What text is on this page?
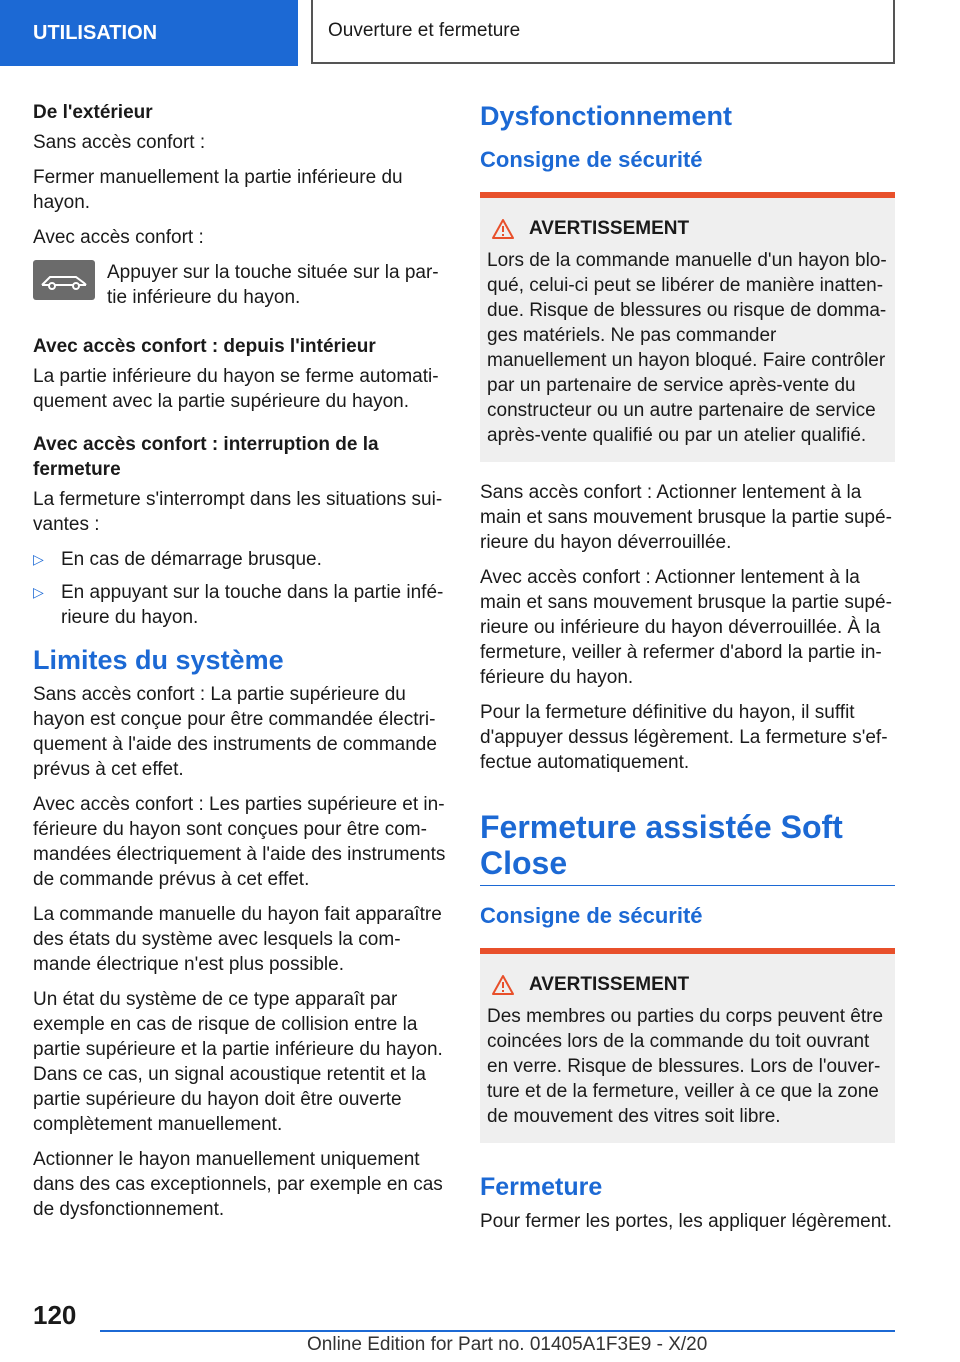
UTILISATION	Ouverture et fermeture
De l'extérieur

Sans accès confort :

Fermer manuellement la partie inférieure du hayon.

Avec accès confort :

Appuyer sur la touche située sur la partie inférieure du hayon.

Avec accès confort : depuis l'intérieur

La partie inférieure du hayon se ferme automatiquement avec la partie supérieure du hayon.

Avec accès confort : interruption de la fermeture

La fermeture s'interrompt dans les situations suivantes :

▷ En cas de démarrage brusque.
▷ En appuyant sur la touche dans la partie inférieure du hayon.
Limites du système

Sans accès confort : La partie supérieure du hayon est conçue pour être commandée électriquement à l'aide des instruments de commande prévus à cet effet.

Avec accès confort : Les parties supérieure et inférieure du hayon sont conçues pour être commandées électriquement à l'aide des instruments de commande prévus à cet effet.

La commande manuelle du hayon fait apparaître des états du système avec lesquels la commande électrique n'est plus possible.

Un état du système de ce type apparaît par exemple en cas de risque de collision entre la partie supérieure et la partie inférieure du hayon. Dans ce cas, un signal acoustique retentit et la partie supérieure du hayon doit être ouverte complètement manuellement.

Actionner le hayon manuellement uniquement dans des cas exceptionnels, par exemple en cas de dysfonctionnement.

Dysfonctionnement
Consigne de sécurité
AVERTISSEMENT

Lors de la commande manuelle d'un hayon bloqué, celui-ci peut se libérer de manière inattendue. Risque de blessures ou risque de dommages matériels. Ne pas commander manuellement un hayon bloqué. Faire contrôler par un partenaire de service après-vente du constructeur ou un autre partenaire de service après-vente qualifié ou par un atelier qualifié.

Sans accès confort : Actionner lentement à la main et sans mouvement brusque la partie supérieure du hayon déverrouillée.

Avec accès confort : Actionner lentement à la main et sans mouvement brusque la partie supérieure ou inférieure du hayon déverrouillée. À la fermeture, veiller à refermer d'abord la partie inférieure du hayon.

Pour la fermeture définitive du hayon, il suffit d'appuyer dessus légèrement. La fermeture s'effectue automatiquement.

Fermeture assistée Soft Close
Consigne de sécurité
AVERTISSEMENT

Des membres ou parties du corps peuvent être coincées lors de la commande du toit ouvrant en verre. Risque de blessures. Lors de l'ouverture et de la fermeture, veiller à ce que la zone de mouvement des vitres soit libre.

Fermeture

Pour fermer les portes, les appliquer légèrement.

120
Online Edition for Part no. 01405A1F3E9 - X/20
